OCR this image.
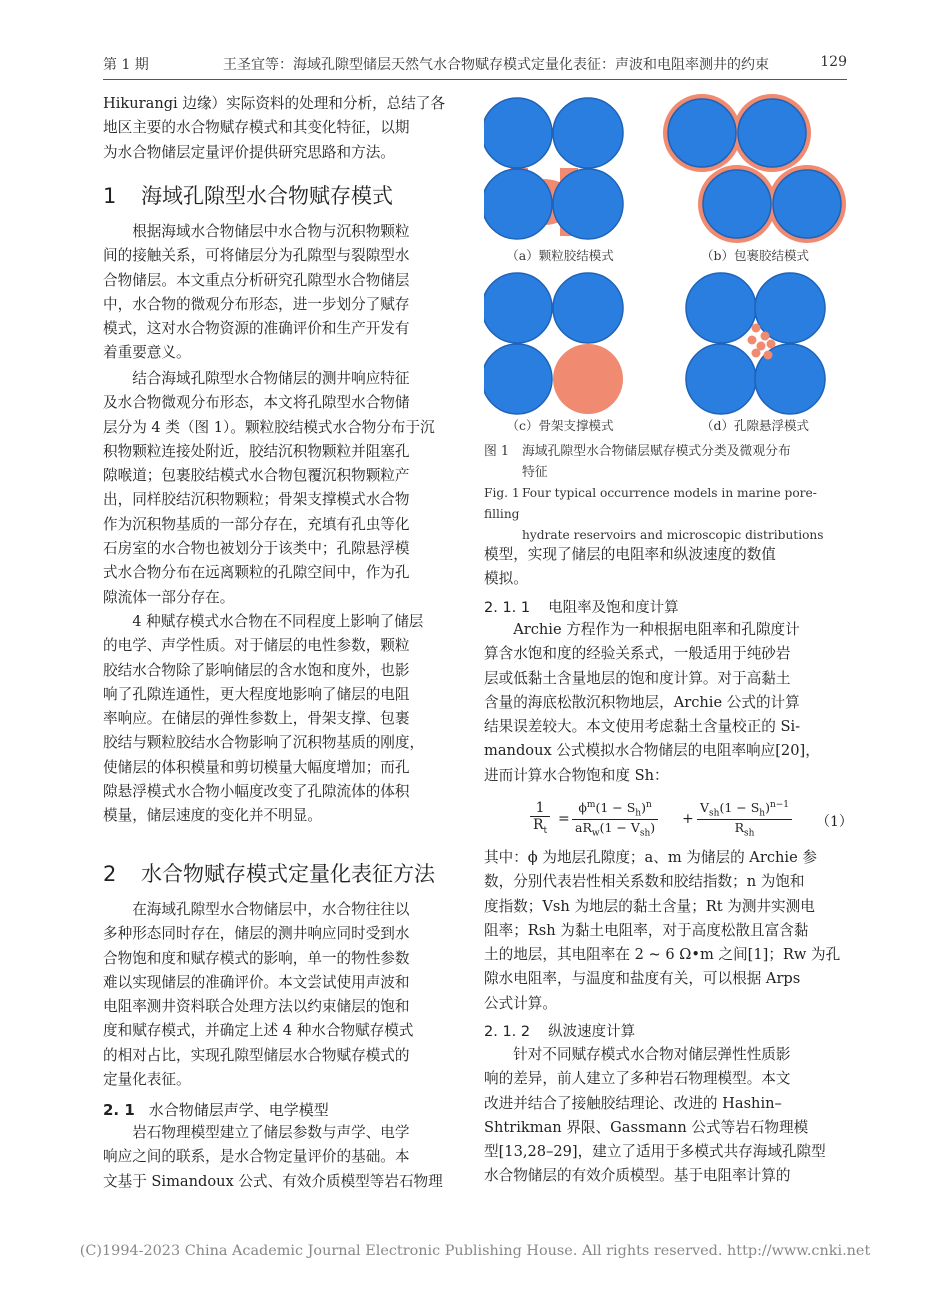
第 1 期	王圣宜等：海域孔隙型储层天然气水合物赋存模式定量化表征：声波和电阻率测井的约束	129

Hikurangi 边缘）实际资料的处理和分析，总结了各

地区主要的水合物赋存模式和其变化特征，以期

为水合物储层定量评价提供研究思路和方法。

1 海域孔隙型水合物赋存模式

根据海域水合物储层中水合物与沉积物颗粒

间的接触关系，可将储层分为孔隙型与裂隙型水

合物储层。本文重点分析研究孔隙型水合物储层

中，水合物的微观分布形态，进一步划分了赋存

模式，这对水合物资源的准确评价和生产开发有

着重要意义。

结合海域孔隙型水合物储层的测井响应特征

及水合物微观分布形态，本文将孔隙型水合物储

层分为 4 类（图 1）。颗粒胶结模式水合物分布于沉

积物颗粒连接处附近，胶结沉积物颗粒并阻塞孔

隙喉道；包裹胶结模式水合物包覆沉积物颗粒产

出，同样胶结沉积物颗粒；骨架支撑模式水合物

作为沉积物基质的一部分存在，充填有孔虫等化

石房室的水合物也被划分于该类中；孔隙悬浮模

式水合物分布在远离颗粒的孔隙空间中，作为孔

隙流体一部分存在。

4 种赋存模式水合物在不同程度上影响了储层

的电学、声学性质。对于储层的电性参数，颗粒

胶结水合物除了影响储层的含水饱和度外，也影

响了孔隙连通性，更大程度地影响了储层的电阻

率响应。在储层的弹性参数上，骨架支撑、包裹

胶结与颗粒胶结水合物影响了沉积物基质的刚度，

使储层的体积模量和剪切模量大幅度增加；而孔

隙悬浮模式水合物小幅度改变了孔隙流体的体积

模量，储层速度的变化并不明显。

2 水合物赋存模式定量化表征方法

在海域孔隙型水合物储层中，水合物往往以

多种形态同时存在，储层的测井响应同时受到水

合物饱和度和赋存模式的影响，单一的物性参数

难以实现储层的准确评价。本文尝试使用声波和

电阻率测井资料联合处理方法以约束储层的饱和

度和赋存模式，并确定上述 4 种水合物赋存模式

的相对占比，实现孔隙型储层水合物赋存模式的

定量化表征。

2. 1 水合物储层声学、电学模型

岩石物理模型建立了储层参数与声学、电学

响应之间的联系，是水合物定量评价的基础。本

文基于 Simandoux 公式、有效介质模型等岩石物理

（a）颗粒胶结模式	（b）包裹胶结模式
（c）骨架支撑模式	（d）孔隙悬浮模式
图 1 海域孔隙型水合物储层赋存模式分类及微观分布
特征
Fig. 1 Four typical occurrence models in marine pore-filling
hydrate reservoirs and microscopic distributions

模型，实现了储层的电阻率和纵波速度的数值

模拟。

2. 1. 1 电阻率及饱和度计算

Archie 方程作为一种根据电阻率和孔隙度计

算含水饱和度的经验关系式，一般适用于纯砂岩

层或低黏土含量地层的饱和度计算。对于高黏土

含量的海底松散沉积物地层，Archie 公式的计算

结果误差较大。本文使用考虑黏土含量校正的 Si-

mandoux 公式模拟水合物储层的电阻率响应[20]，

进而计算水合物饱和度 Sh：

$\frac{1}{R_t}$ =
$\phi^m(1 - S_h)^n$
$aR_w(1 - V_{sh})$
+
$V_{sh}(1 - S_h)^{n-1}$
$R_{sh}$
（1）

其中：ϕ 为地层孔隙度；a、m 为储层的 Archie 参

数，分别代表岩性相关系数和胶结指数；n 为饱和

度指数；Vsh 为地层的黏土含量；Rt 为测井实测电

阻率；Rsh 为黏土电阻率，对于高度松散且富含黏

土的地层，其电阻率在 2 ~ 6 Ω•m 之间[1]；Rw 为孔

隙水电阻率，与温度和盐度有关，可以根据 Arps

公式计算。

2. 1. 2 纵波速度计算

针对不同赋存模式水合物对储层弹性性质影

响的差异，前人建立了多种岩石物理模型。本文

改进并结合了接触胶结理论、改进的 Hashin–

Shtrikman 界限、Gassmann 公式等岩石物理模

型[13,28–29]，建立了适用于多模式共存海域孔隙型

水合物储层的有效介质模型。基于电阻率计算的

(C)1994-2023 China Academic Journal Electronic Publishing House. All rights reserved. http://www.cnki.net
